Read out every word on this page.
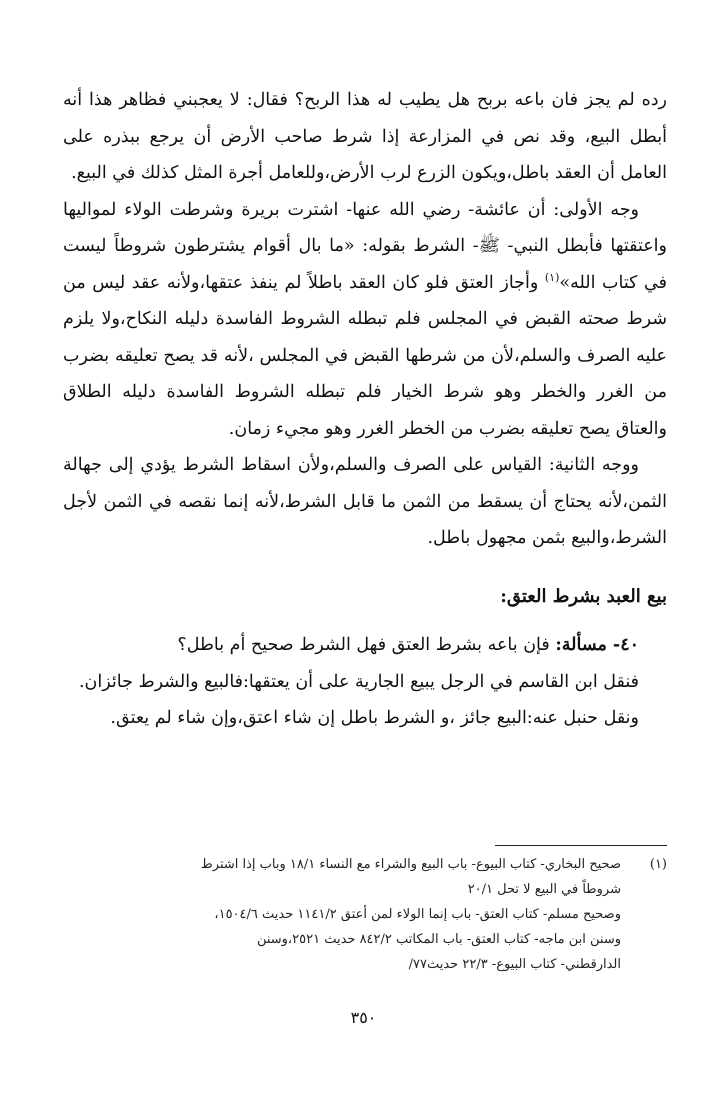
رده لم يجز فان باعه بربح هل يطيب له هذا الربح؟ فقال: لا يعجبني فظاهر هذا أنه أبطل البيع، وقد نص في المزارعة إذا شرط صاحب الأرض أن يرجع ببذره على العامل أن العقد باطل،ويكون الزرع لرب الأرض،وللعامل أجرة المثل كذلك في البيع.

وجه الأولى: أن عائشة- رضي الله عنها- اشترت بريرة وشرطت الولاء لمواليها واعتقتها فأبطل النبي- ﷺ- الشرط بقوله: «ما بال أقوام يشترطون شروطاً ليست في كتاب الله»$^{(١)}$ وأجاز العتق فلو كان العقد باطلاً لم ينفذ عتقها،ولأنه عقد ليس من شرط صحته القبض في المجلس فلم تبطله الشروط الفاسدة دليله النكاح،ولا يلزم عليه الصرف والسلم،لأن من شرطها القبض في المجلس ،لأنه قد يصح تعليقه بضرب من الغرر والخطر وهو شرط الخيار فلم تبطله الشروط الفاسدة دليله الطلاق والعتاق يصح تعليقه بضرب من الخطر الغرر وهو مجيء زمان.

ووجه الثانية: القياس على الصرف والسلم،ولأن اسقاط الشرط يؤدي إلى جهالة الثمن،لأنه يحتاج أن يسقط من الثمن ما قابل الشرط،لأنه إنما نقصه في الثمن لأجل الشرط،والبيع بثمن مجهول باطل.

بيع العبد بشرط العتق:

٤٠- مسألة: فإن باعه بشرط العتق فهل الشرط صحيح أم باطل؟

فنقل ابن القاسم في الرجل يبيع الجارية على أن يعتقها:فالبيع والشرط جائزان.

ونقل حنبل عنه:البيع جائز ،و الشرط باطل إن شاء اعتق،وإن شاء لم يعتق.

(١)
صحيح البخاري- كتاب البيوع- باب البيع والشراء مع النساء ١٨/١ وباب إذا اشترط
شروطاً في البيع لا تحل ٢٠/١
وصحيح مسلم- كتاب العتق- باب إنما الولاء لمن أعتق ١١٤١/٢ حديث ١٥٠٤/٦،
وسنن ابن ماجه- كتاب العتق- باب المكاتب ٨٤٢/٢ حديث ٢٥٢١،وسنن
الدارقطني- كتاب البيوع- ٢٢/٣ حديث٧٧/
٣٥٠
